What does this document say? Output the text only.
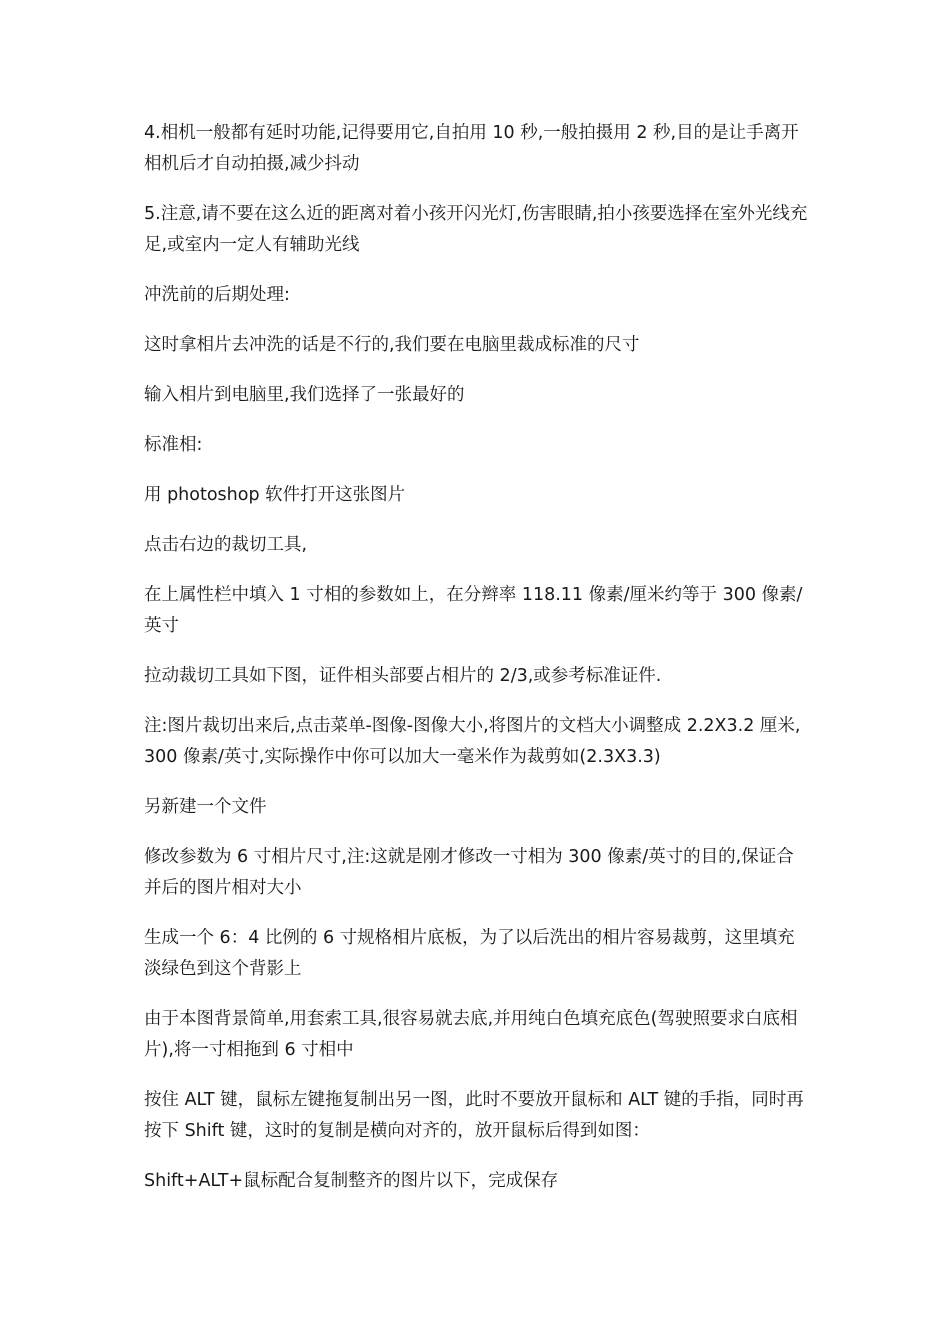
4.相机一般都有延时功能,记得要用它,自拍用 10 秒,一般拍摄用 2 秒,目的是让手离开相机后才自动拍摄,减少抖动

5.注意,请不要在这么近的距离对着小孩开闪光灯,伤害眼睛,拍小孩要选择在室外光线充足,或室内一定人有辅助光线

冲洗前的后期处理:

这时拿相片去冲洗的话是不行的,我们要在电脑里裁成标准的尺寸

输入相片到电脑里,我们选择了一张最好的

标准相:

用 photoshop 软件打开这张图片

点击右边的裁切工具,

在上属性栏中填入 1 寸相的参数如上，在分辫率 118.11 像素/厘米约等于 300 像素/英寸

拉动裁切工具如下图，证件相头部要占相片的 2/3,或参考标准证件.

注:图片裁切出来后,点击菜单-图像-图像大小,将图片的文档大小调整成 2.2X3.2 厘米,300 像素/英寸,实际操作中你可以加大一毫米作为裁剪如(2.3X3.3)

另新建一个文件

修改参数为 6 寸相片尺寸,注:这就是刚才修改一寸相为 300 像素/英寸的目的,保证合并后的图片相对大小

生成一个 6：4 比例的 6 寸规格相片底板，为了以后洗出的相片容易裁剪，这里填充淡绿色到这个背影上

由于本图背景简单,用套索工具,很容易就去底,并用纯白色填充底色(驾驶照要求白底相片),将一寸相拖到 6 寸相中

按住 ALT 键，鼠标左键拖复制出另一图，此时不要放开鼠标和 ALT 键的手指，同时再按下 Shift 键，这时的复制是横向对齐的，放开鼠标后得到如图：

Shift+ALT+鼠标配合复制整齐的图片以下，完成保存
